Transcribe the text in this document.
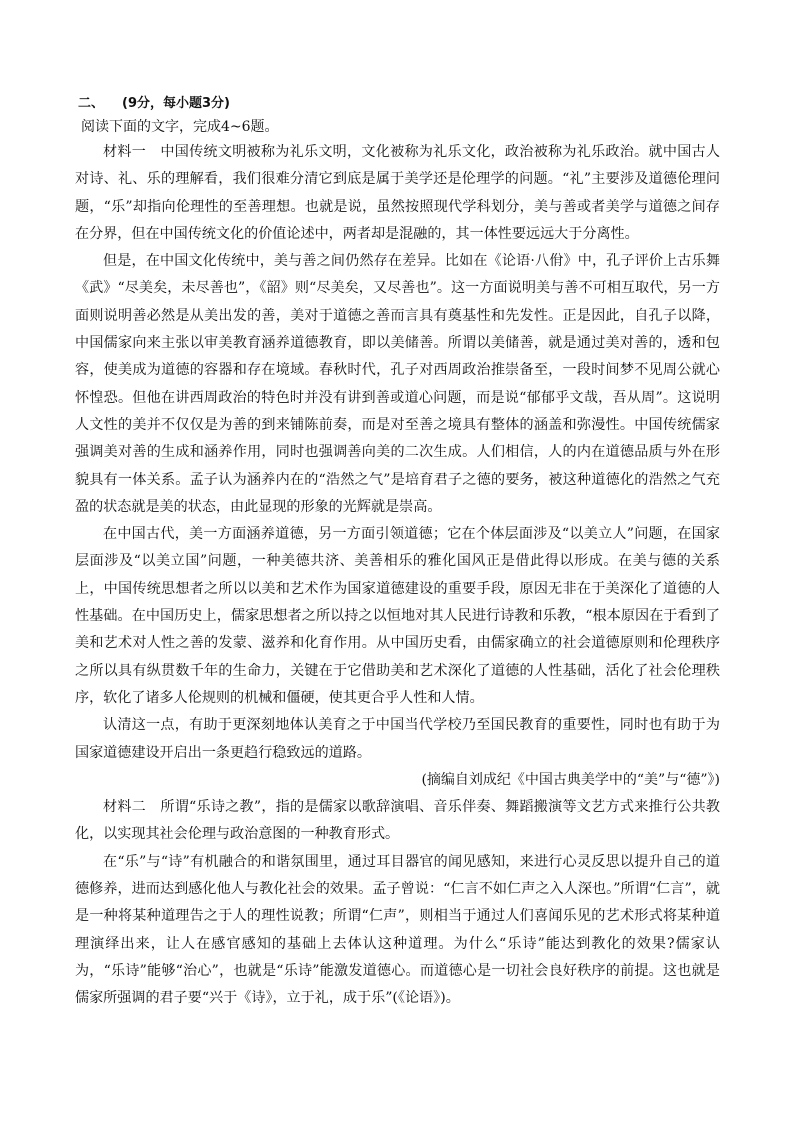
二、 (9分，每小题3分)
阅读下面的文字，完成4~6题。

材料一　中国传统文明被称为礼乐文明，文化被称为礼乐文化，政治被称为礼乐政治。就中国古人对诗、礼、乐的理解看，我们很难分清它到底是属于美学还是伦理学的问题。“礼”主要涉及道德伦理问题，“乐”却指向伦理性的至善理想。也就是说，虽然按照现代学科划分，美与善或者美学与道德之间存在分界，但在中国传统文化的价值论述中，两者却是混融的，其一体性要远远大于分离性。

但是，在中国文化传统中，美与善之间仍然存在差异。比如在《论语·八佾》中，孔子评价上古乐舞《武》“尽美矣，未尽善也”，《韶》则“尽美矣，又尽善也”。这一方面说明美与善不可相互取代，另一方面则说明善必然是从美出发的善，美对于道德之善而言具有奠基性和先发性。正是因此，自孔子以降，中国儒家向来主张以审美教育涵养道德教育，即以美储善。所谓以美储善，就是通过美对善的，透和包容，使美成为道德的容器和存在境域。春秋时代，孔子对西周政治推崇备至，一段时间梦不见周公就心怀惶恐。但他在讲西周政治的特色时并没有讲到善或道心问题，而是说“郁郁乎文哉，吾从周”。这说明人文性的美并不仅仅是为善的到来铺陈前奏，而是对至善之境具有整体的涵盖和弥漫性。中国传统儒家强调美对善的生成和涵养作用，同时也强调善向美的二次生成。人们相信，人的内在道德品质与外在形貌具有一体关系。孟子认为涵养内在的“浩然之气”是培育君子之德的要务，被这种道德化的浩然之气充盈的状态就是美的状态，由此显现的形象的光辉就是崇高。

在中国古代，美一方面涵养道德，另一方面引领道德；它在个体层面涉及“以美立人”问题，在国家层面涉及“以美立国”问题，一种美德共济、美善相乐的雅化国风正是借此得以形成。在美与德的关系上，中国传统思想者之所以以美和艺术作为国家道德建设的重要手段，原因无非在于美深化了道德的人性基础。在中国历史上，儒家思想者之所以持之以恒地对其人民进行诗教和乐教，“根本原因在于看到了美和艺术对人性之善的发蒙、滋养和化育作用。从中国历史看，由儒家确立的社会道德原则和伦理秩序之所以具有纵贯数千年的生命力，关键在于它借助美和艺术深化了道德的人性基础，活化了社会伦理秩序，软化了诸多人伦规则的机械和僵硬，使其更合乎人性和人情。

认清这一点，有助于更深刻地体认美育之于中国当代学校乃至国民教育的重要性，同时也有助于为国家道德建设开启出一条更趋行稳致远的道路。

(摘编自刘成纪《中国古典美学中的“美”与“德”》)

材料二　所谓“乐诗之教”，指的是儒家以歌辞演唱、音乐伴奏、舞蹈搬演等文艺方式来推行公共教化，以实现其社会伦理与政治意图的一种教育形式。

在“乐”与“诗”有机融合的和谐氛围里，通过耳目器官的闻见感知，来进行心灵反思以提升自己的道德修养，进而达到感化他人与教化社会的效果。孟子曾说：“仁言不如仁声之入人深也。”所谓“仁言”，就是一种将某种道理告之于人的理性说教；所谓“仁声”，则相当于通过人们喜闻乐见的艺术形式将某种道理演绎出来，让人在感官感知的基础上去体认这种道理。为什么“乐诗”能达到教化的效果?儒家认为，“乐诗”能够“治心”，也就是“乐诗”能激发道德心。而道德心是一切社会良好秩序的前提。这也就是儒家所强调的君子要“兴于《诗》，立于礼，成于乐”(《论语》)。
